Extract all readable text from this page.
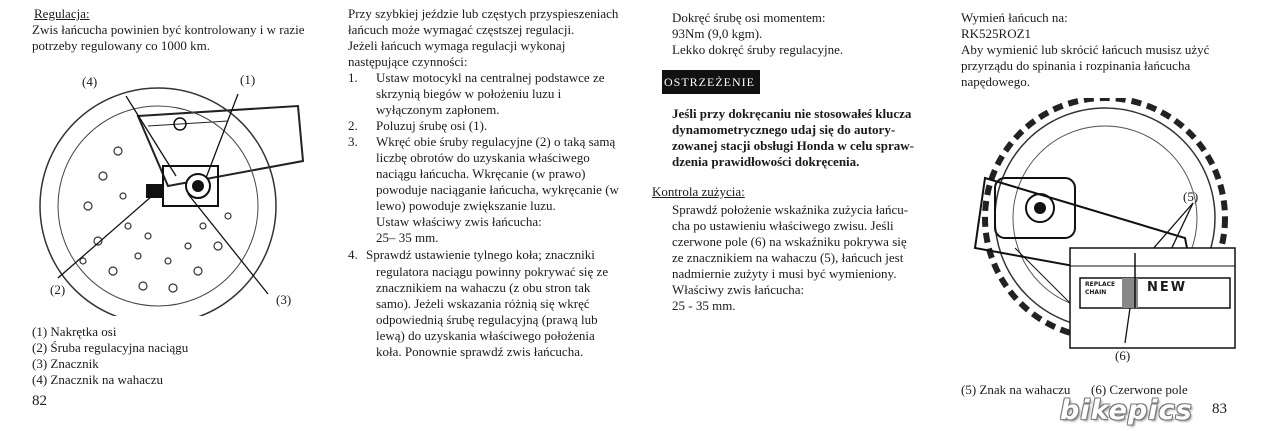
Regulacja:
Zwis łańcucha powinien być kontrolowany i w razie
potrzeby regulowany co 1000 km.
(4)	(1)
(2)
(3)
(1) Nakrętka osi
(2) Śruba regulacyjna naciągu
(3) Znacznik
(4) Znacznik na wahaczu
82
Przy szybkiej jeździe lub częstych przyspieszeniach
łańcuch może wymagać częstszej regulacji.
Jeżeli łańcuch wymaga regulacji wykonaj
następujące czynności:
1. Ustaw motocykl na centralnej podstawce ze
skrzynią biegów w położeniu luzu i
wyłączonym zapłonem.
2. Poluzuj śrubę osi (1).
3. Wkręć obie śruby regulacyjne (2) o taką samą
liczbę obrotów do uzyskania właściwego
naciągu łańcucha. Wkręcanie (w prawo)
powoduje naciąganie łańcucha, wykręcanie (w
lewo) powoduje zwiększanie luzu.
Ustaw właściwy zwis łańcucha:
25– 35 mm.
4. Sprawdź ustawienie tylnego koła; znaczniki
regulatora naciągu powinny pokrywać się ze
znacznikiem na wahaczu (z obu stron tak
samo). Jeżeli wskazania różnią się wkręć
odpowiednią śrubę regulacyjną (prawą lub
lewą) do uzyskania właściwego położenia
koła. Ponownie sprawdź zwis łańcucha.
Dokręć śrubę osi momentem:
93Nm (9,0 kgm).
Lekko dokręć śruby regulacyjne.
OSTRZEŻENIE
Jeśli przy dokręcaniu nie stosowałeś klucza
dynamometrycznego udaj się do autory-
zowanej stacji obsługi Honda w celu spraw-
dzenia prawidłowości dokręcenia.
Kontrola zużycia:
Sprawdź położenie wskaźnika zużycia łańcu-
cha po ustawieniu właściwego zwisu. Jeśli
czerwone pole (6) na wskaźniku pokrywa się
ze znacznikiem na wahaczu (5), łańcuch jest
nadmiernie zużyty i musi być wymieniony.
Właściwy zwis łańcucha:
25 - 35 mm.
Wymień łańcuch na:
RK525ROZ1
Aby wymienić lub skrócić łańcuch musisz użyć
przyrządu do spinania i rozpinania łańcucha
napędowego.
(5)
(6)
REPLACE
CHAIN	NEW
(5) Znak na wahaczu (6) Czerwone pole
83
bikepics
